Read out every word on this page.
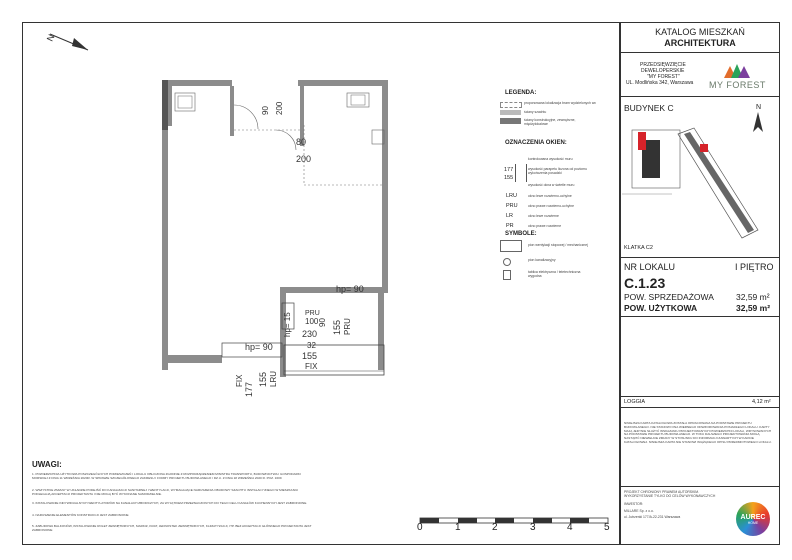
N
90 200
80
200
hp= 90
hp= 15 PRU
100 90 155 PRU
230
32
hp= 90
155
FIX
FIX
177
155 LRU
LEGENDA:
proponowana lokalizacja bram wydzielonych wc
ściany szachtu
ściany konstrukcyjne, zewnętrzne, międzylokalowe
OZNACZENIA OKIEN:
kontrolowana wysokość muru
wysokość parapetu liczona od poziomu wykończenia posadzki
wysokość okna w świetle muru
177
155
LRU	okno lewe rozwierno-uchylne
PRU	okno prawe rozwierno-uchylne
LR	okno lewe rozwierne
PR	okno prawe rozwierne
SYMBOLE:
pion wentylacji stopowej / mechanicznej
pion kanalizacyjny
tablica elektryczna / teletechniczna wygodna
UWAGI:
1. POWIERZCHNIA UŻYTKOWA POSZCZEGÓLNYCH POMIESZCZEŃ I LOKALU OBLICZONA ZGODNIE Z ROZPORZĄDZENIEM MINISTRA TRANSPORTU, BUDOWNICTWA I GOSPODARKI MORSKIEJ Z DNIA 11 WRZEŚNIA 2020R. W SPRAWIE SZCZEGÓŁOWEGO ZAKRESU I FORMY PROJEKTU BUDOWLANEGO / DZ.U. Z DNIA 18 WRZEŚNIA 2020 R. POZ. 1609
2. WSZYSTKIE ZMIANY W UKŁADZIE PODEJŚĆ DO KANALIZACJI SANITARNEJ I WENTYLACJI, WYMAGAJĄCE NARUSZENIA OBUDOWY SZACHTU INSTALACYJNEGO W MIESZKANIU PODLEGAJĄ AKCEPTACJI PROJEKTANTA I NIE MOGĄ BYĆ WYKONANE SAMODZIELNIE.
3. INSTALOWANIE INDYWIDUALNYCH WENTYLATORÓW NA KANAŁACH ZBIORCZYCH, ZA WYJĄTKIEM PRZEZNACZONYCH DO TEGO CELU KANAŁÓW KUCHENNYCH JEST ZABRONIONE.
4. NARUSZENIE ELEMENTÓW KONSTRUKCJI JEST ZABRONIONE
5. ZABUDOWA BALKONÓW, INSTALOWANIE ROLET ZEWNĘTRZNYCH, MARKIZ, KRAT, JEDNOSTEK ZEWNĘTRZNYCH, KLIMATYZACJI, ITP. BEZ AKCEPTACJI GŁÓWNEGO PROJEKTANTA JEST ZABRONIONE	0	1	2	3	4	5
KATALOG MIESZKAŃ
ARCHITEKTURA
PRZEDSIĘWZIĘCIE
DEWELOPERSKIE
"MY FOREST"
UL. Modlińska 342, Warszawa MY FOREST
BUDYNEK C	N
KLATKA C2
NR LOKALU	I PIĘTRO
C.1.23
POW. SPRZEDAŻOWA	32,59 m²
POW. UŻYTKOWA	32,59 m²
LOGGIA	4,12 m²
NINIEJSZA KARTA KATALOGOWA ZOSTAŁA OPRACOWANA NA PODSTAWIE PROJEKTU BUDOWLANEGO. NIE STANOWI ONA WIERNEGO ODWZOROWANIA POSIADŁEGO LOKALU. KARTY MAJĄ JEDYNIE SŁUŻYĆ WSKAZANIU PROJEKTOWANYCH POWIERZCHNI LOKALI, WRYSOWANYCH NA PODSTAWIE PROJEKTU BUDOWLANEGO. W TOKU DALSZEGO PROJEKTOWANIA MOGĄ NASTĄPIĆ NIEWIELKIE ZMIANY W STOSUNKU DO INFORMACJI ZAWARTYCH W KARCIE KATALOGOWEJ. NINIEJSZA KARTA NIE STANOWI WIĄŻĄCEGO OPISU PRZEDMIOTOWEGO LOKALU.
PROJEKT CHRONIONY PRAWEM AUTORSKIM.
WYKORZYSTANIE TYLKO DO CELÓW WYKONAWCZYCH
INWESTOR:
MILLARE Sp. z o.o.
ul. Jutrzenki 177/A-22-231 Warszawa	AUREC
HOME
